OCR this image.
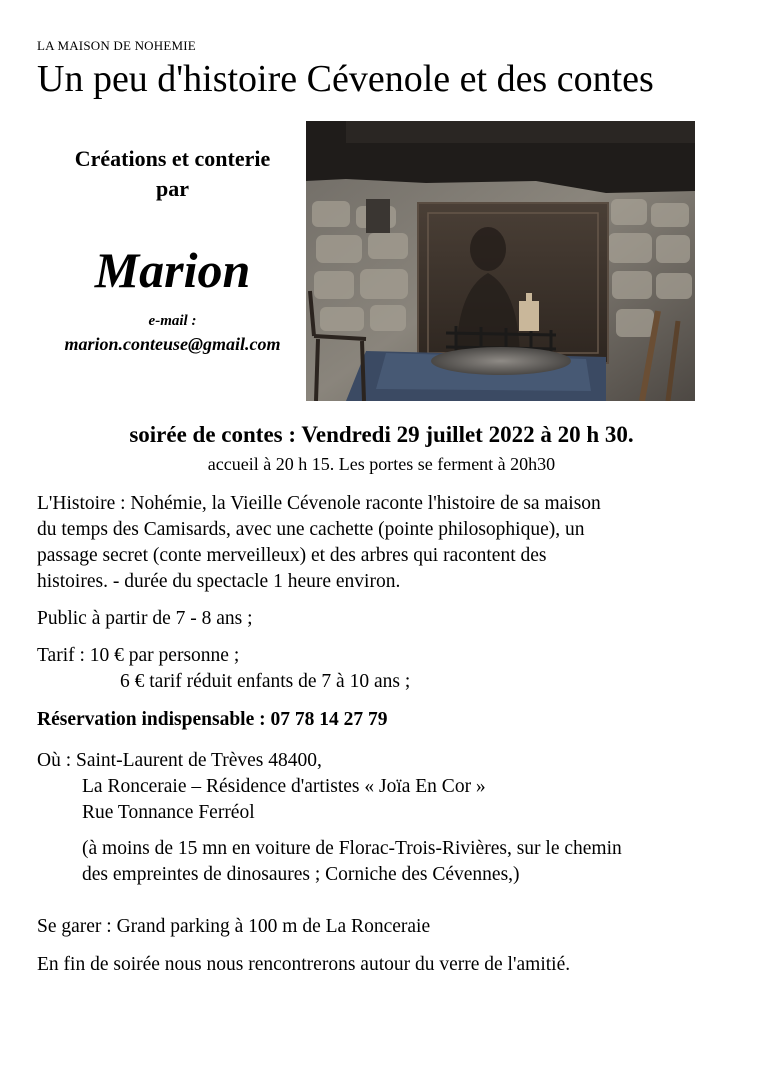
LA MAISON DE NOHEMIE
Un peu d'histoire Cévenole et des contes
Créations et conterie
par
Marion
e-mail :
marion.conteuse@gmail.com
soirée de contes : Vendredi 29 juillet 2022 à 20 h 30.
accueil à 20 h 15. Les portes se ferment à 20h30
L'Histoire : Nohémie, la Vieille Cévenole raconte l'histoire de sa maison
du temps des Camisards, avec une cachette (pointe philosophique), un
passage secret (conte merveilleux) et des arbres qui racontent des
histoires. - durée du spectacle 1 heure environ.
Public à partir de 7 - 8 ans ;
Tarif : 10 € par personne ;
6 € tarif réduit enfants de 7 à 10 ans ;
Réservation indispensable : 07 78 14 27 79
Où : Saint-Laurent de Trèves 48400,
La Ronceraie – Résidence d'artistes « Joïa En Cor »
Rue Tonnance Ferréol
(à moins de 15 mn en voiture de Florac-Trois-Rivières, sur le chemin
des empreintes de dinosaures ; Corniche des Cévennes,)
Se garer : Grand parking à 100 m de La Ronceraie
En fin de soirée nous nous rencontrerons autour du verre de l'amitié.
